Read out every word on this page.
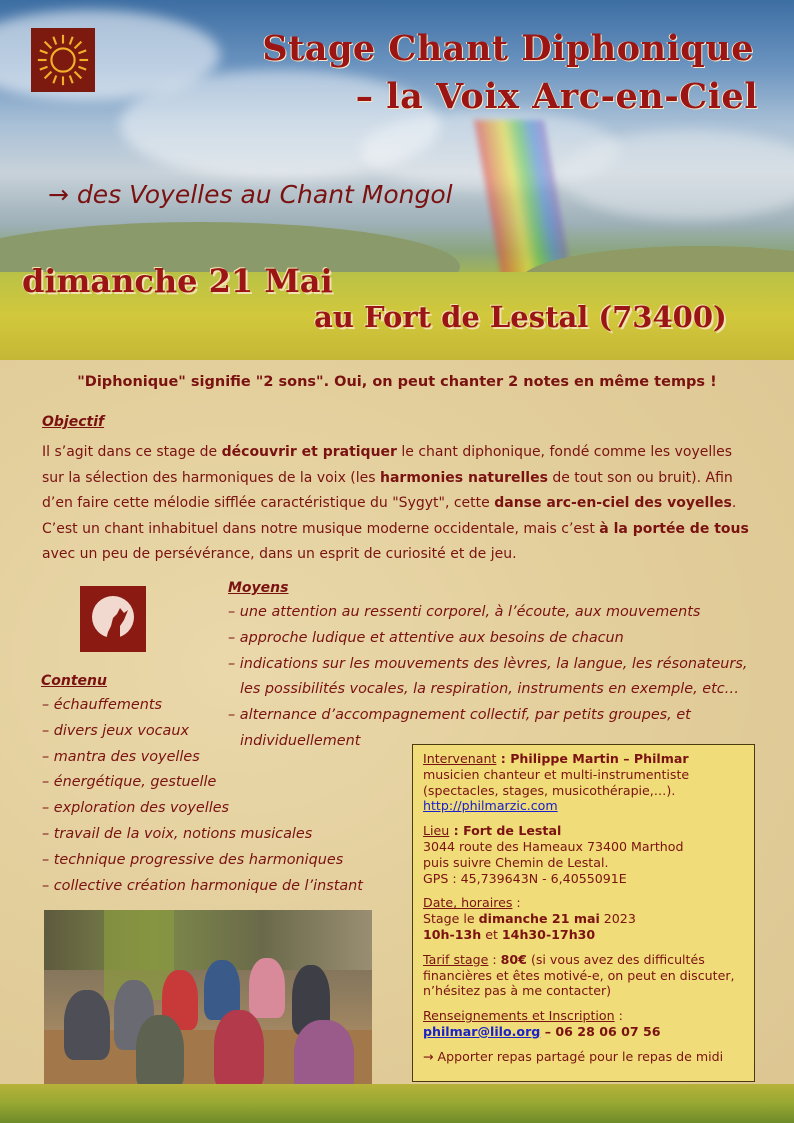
Stage Chant Diphonique
– la Voix Arc-en-Ciel
→ des Voyelles au Chant Mongol
dimanche 21 Mai
au Fort de Lestal (73400)
"Diphonique" signifie "2 sons". Oui, on peut chanter 2 notes en même temps !
Objectif
Il s’agit dans ce stage de découvrir et pratiquer le chant diphonique, fondé comme les voyelles sur la sélection des harmoniques de la voix (les harmonies naturelles de tout son ou bruit). Afin d’en faire cette mélodie sifflée caractéristique du "Sygyt", cette danse arc-en-ciel des voyelles. C’est un chant inhabituel dans notre musique moderne occidentale, mais c’est à la portée de tous avec un peu de persévérance, dans un esprit de curiosité et de jeu.
Moyens
– une attention au ressenti corporel, à l’écoute, aux mouvements
– approche ludique et attentive aux besoins de chacun
– indications sur les mouvements des lèvres, la langue, les résonateurs, les possibilités vocales, la respiration, instruments en exemple, etc…
– alternance d’accompagnement collectif, par petits groupes, et individuellement
Contenu
– échauffements
– divers jeux vocaux
– mantra des voyelles
– énergétique, gestuelle
– exploration des voyelles
– travail de la voix, notions musicales
– technique progressive des harmoniques
– collective création harmonique de l’instant
Intervenant : Philippe Martin – Philmar
musicien chanteur et multi-instrumentiste (spectacles, stages, musicothérapie,…).
http://philmarzic.com
Lieu : Fort de Lestal
3044 route des Hameaux 73400 Marthod
puis suivre Chemin de Lestal.
GPS : 45,739643N - 6,4055091E
Date, horaires :
Stage le dimanche 21 mai 2023
10h-13h et 14h30-17h30
Tarif stage : 80€ (si vous avez des difficultés financières et êtes motivé-e, on peut en discuter, n’hésitez pas à me contacter)
Renseignements et Inscription :
philmar@lilo.org – 06 28 06 07 56
→ Apporter repas partagé pour le repas de midi
